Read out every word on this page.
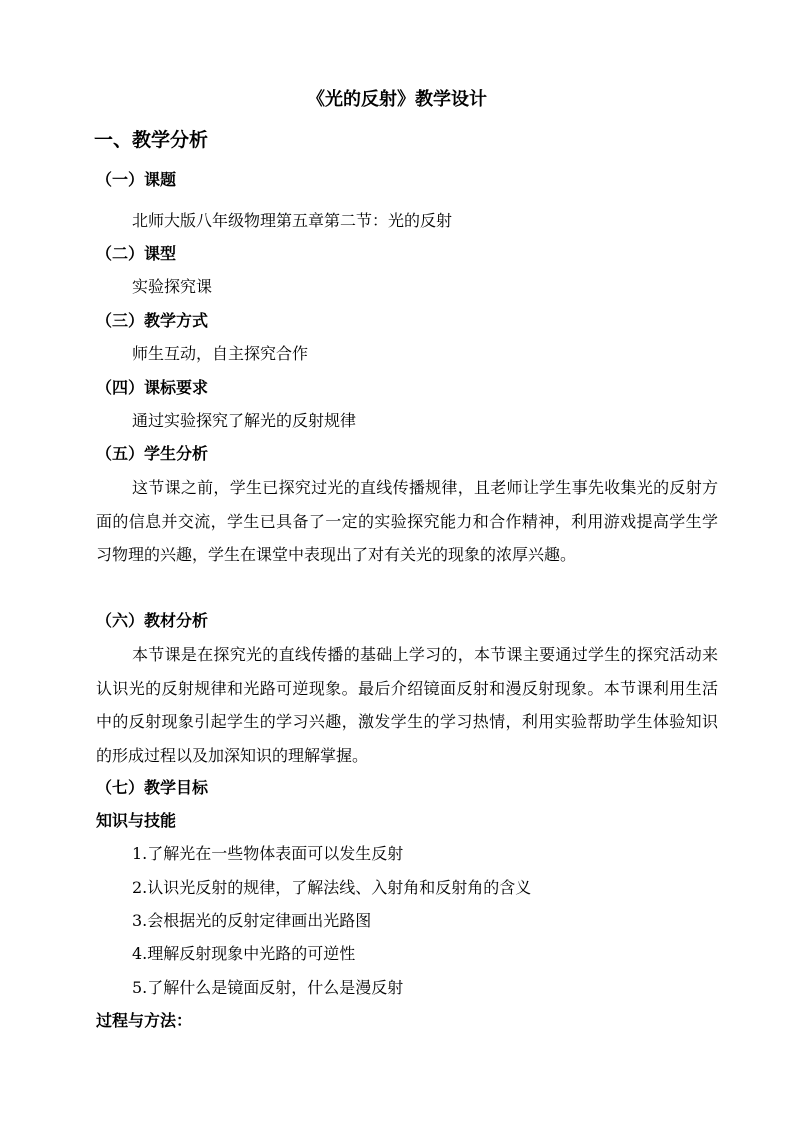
《光的反射》教学设计
一、教学分析
（一）课题
北师大版八年级物理第五章第二节：光的反射
（二）课型
实验探究课
（三）教学方式
师生互动，自主探究合作
（四）课标要求
通过实验探究了解光的反射规律
（五）学生分析
这节课之前，学生已探究过光的直线传播规律，且老师让学生事先收集光的反射方面的信息并交流，学生已具备了一定的实验探究能力和合作精神，利用游戏提高学生学习物理的兴趣，学生在课堂中表现出了对有关光的现象的浓厚兴趣。
（六）教材分析
本节课是在探究光的直线传播的基础上学习的，本节课主要通过学生的探究活动来认识光的反射规律和光路可逆现象。最后介绍镜面反射和漫反射现象。本节课利用生活中的反射现象引起学生的学习兴趣，激发学生的学习热情，利用实验帮助学生体验知识的形成过程以及加深知识的理解掌握。
（七）教学目标
知识与技能
1.了解光在一些物体表面可以发生反射
2.认识光反射的规律，了解法线、入射角和反射角的含义
3.会根据光的反射定律画出光路图
4.理解反射现象中光路的可逆性
5.了解什么是镜面反射，什么是漫反射
过程与方法：
